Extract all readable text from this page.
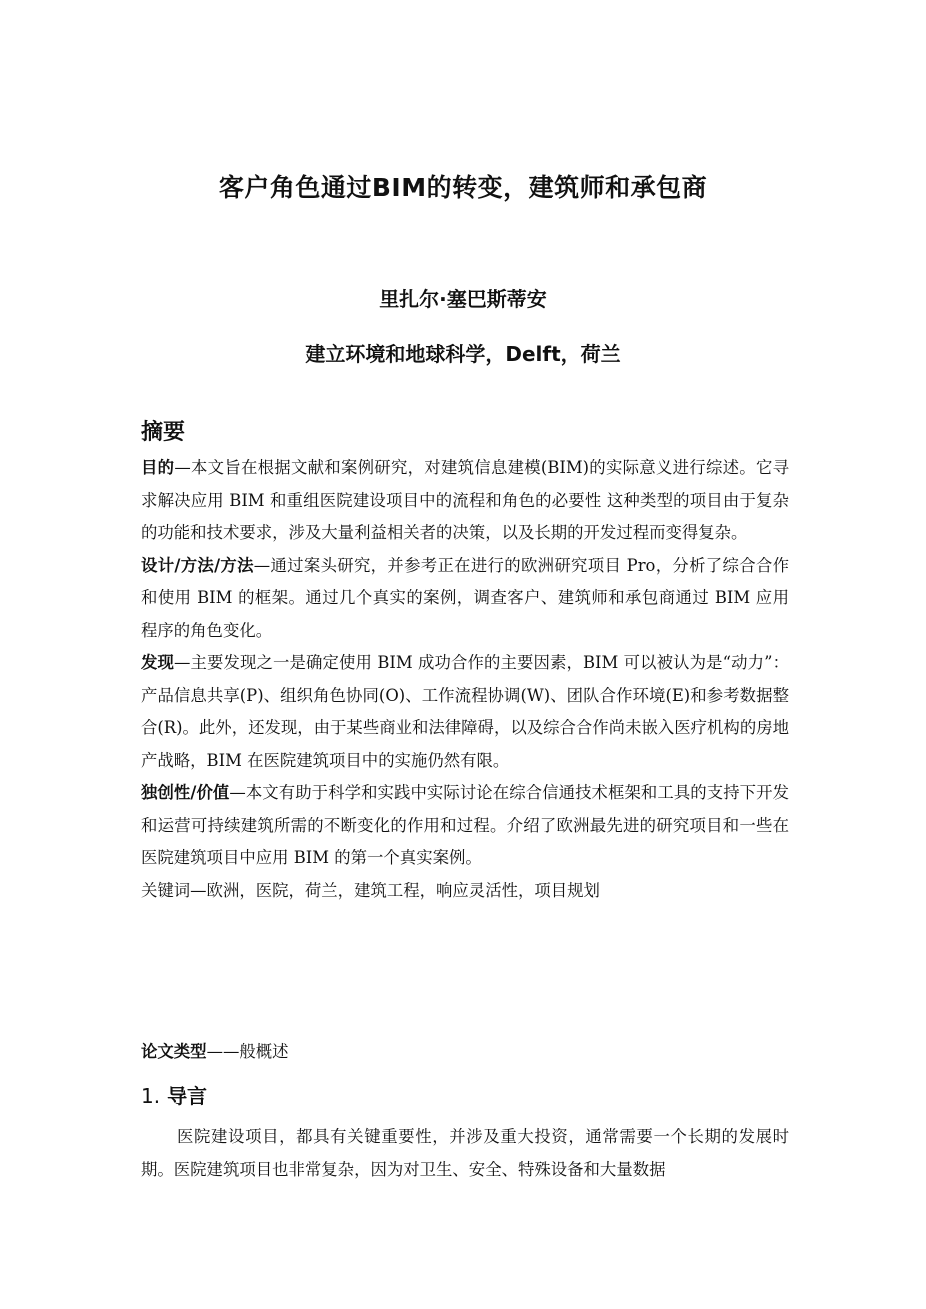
客户角色通过BIM的转变，建筑师和承包商
里扎尔·塞巴斯蒂安
建立环境和地球科学，Delft，荷兰
摘要

目的—本文旨在根据文献和案例研究，对建筑信息建模(BIM)的实际意义进行综述。它寻求解决应用 BIM 和重组医院建设项目中的流程和角色的必要性 这种类型的项目由于复杂的功能和技术要求，涉及大量利益相关者的决策，以及长期的开发过程而变得复杂。

设计/方法/方法—通过案头研究，并参考正在进行的欧洲研究项目 Pro，分析了综合合作和使用 BIM 的框架。通过几个真实的案例，调查客户、建筑师和承包商通过 BIM 应用程序的角色变化。

发现—主要发现之一是确定使用 BIM 成功合作的主要因素，BIM 可以被认为是“动力”：产品信息共享(P)、组织角色协同(O)、工作流程协调(W)、团队合作环境(E)和参考数据整合(R)。此外，还发现，由于某些商业和法律障碍，以及综合合作尚未嵌入医疗机构的房地产战略，BIM 在医院建筑项目中的实施仍然有限。

独创性/价值—本文有助于科学和实践中实际讨论在综合信通技术框架和工具的支持下开发和运营可持续建筑所需的不断变化的作用和过程。介绍了欧洲最先进的研究项目和一些在医院建筑项目中应用 BIM 的第一个真实案例。

关键词—欧洲，医院，荷兰，建筑工程，响应灵活性，项目规划

论文类型——般概述

1. 导言

医院建设项目，都具有关键重要性，并涉及重大投资，通常需要一个长期的发展时期。医院建筑项目也非常复杂，因为对卫生、安全、特殊设备和大量数据
